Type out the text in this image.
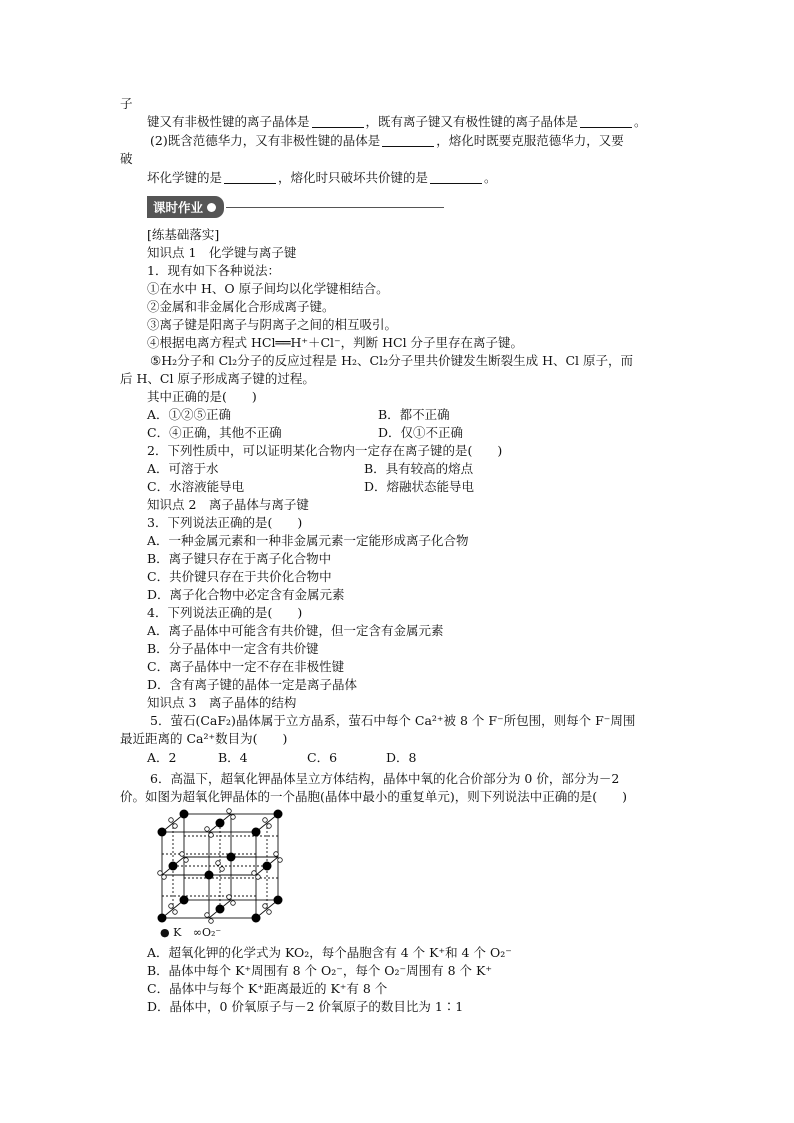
子
键又有非极性键的离子晶体是	，既有离子键又有极性键的离子晶体是	。
(2)既含范德华力，又有非极性键的晶体是	，熔化时既要克服范德华力，又要
破
坏化学键的是	，熔化时只破坏共价键的是	。
课时作业
[练基础落实]
知识点 1　化学键与离子键
1．现有如下各种说法：
①在水中 H、O 原子间均以化学键相结合。
②金属和非金属化合形成离子键。
③离子键是阳离子与阴离子之间的相互吸引。
④根据电离方程式 HCl══H⁺＋Cl⁻，判断 HCl 分子里存在离子键。
⑤H₂分子和 Cl₂分子的反应过程是 H₂、Cl₂分子里共价键发生断裂生成 H、Cl 原子，而
后 H、Cl 原子形成离子键的过程。
其中正确的是(　　)
A．①②⑤正确	B．都不正确
C．④正确，其他不正确	D．仅①不正确
2．下列性质中，可以证明某化合物内一定存在离子键的是(　　)
A．可溶于水	B．具有较高的熔点
C．水溶液能导电	D．熔融状态能导电
知识点 2　离子晶体与离子键
3．下列说法正确的是(　　)
A．一种金属元素和一种非金属元素一定能形成离子化合物
B．离子键只存在于离子化合物中
C．共价键只存在于共价化合物中
D．离子化合物中必定含有金属元素
4．下列说法正确的是(　　)
A．离子晶体中可能含有共价键，但一定含有金属元素
B．分子晶体中一定含有共价键
C．离子晶体中一定不存在非极性键
D．含有离子键的晶体一定是离子晶体
知识点 3　离子晶体的结构
5．萤石(CaF₂)晶体属于立方晶系，萤石中每个 Ca²⁺被 8 个 F⁻所包围，则每个 F⁻周围
最近距离的 Ca²⁺数目为(　　)
A．2	B．4	C．6	D．8
6．高温下，超氧化钾晶体呈立方体结构，晶体中氧的化合价部分为 0 价，部分为－2
价。如图为超氧化钾晶体的一个晶胞(晶体中最小的重复单元)，则下列说法中正确的是(　　)
● K ∞O₂⁻
A．超氧化钾的化学式为 KO₂，每个晶胞含有 4 个 K⁺和 4 个 O₂⁻
B．晶体中每个 K⁺周围有 8 个 O₂⁻，每个 O₂⁻周围有 8 个 K⁺
C．晶体中与每个 K⁺距离最近的 K⁺有 8 个
D．晶体中，0 价氧原子与－2 价氧原子的数目比为 1∶1
